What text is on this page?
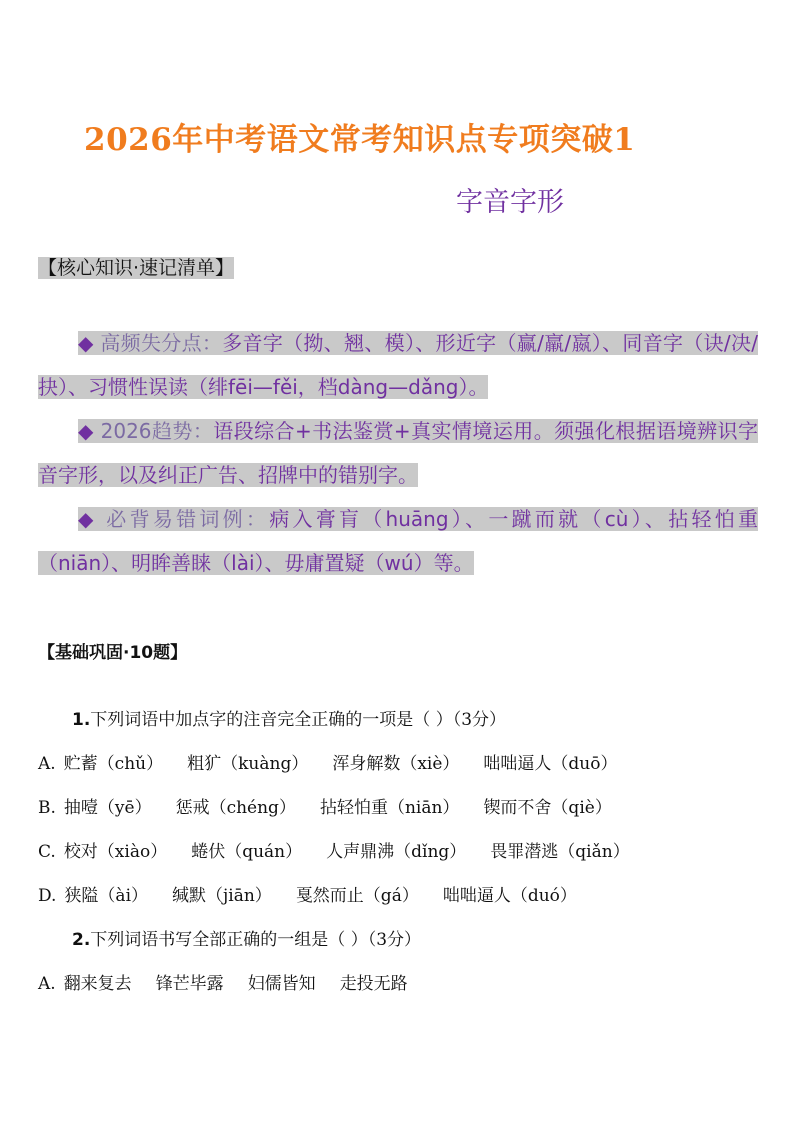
2026年中考语文常考知识点专项突破1
字音字形
【核心知识·速记清单】

◆ 高频失分点：多音字（拗、翘、模）、形近字（赢/羸/嬴）、同音字（诀/决/抉）、习惯性误读（绯fēi—fěi，档dàng—dǎng）。

◆ 2026趋势：语段综合+书法鉴赏+真实情境运用。须强化根据语境辨识字音字形，以及纠正广告、招牌中的错别字。

◆ 必背易错词例：病入膏肓（huāng）、一蹴而就（cù）、拈轻怕重（niān）、明眸善睐（lài）、毋庸置疑（wú）等。

【基础巩固·10题】

1.下列词语中加点字的注音完全正确的一项是（ ）（3分）

A. 贮蓄（chǔ） 粗犷（kuàng） 浑身解数（xiè） 咄咄逼人（duō）
B. 抽噎（yē） 惩戒（chéng） 拈轻怕重（niān） 锲而不舍（qiè）
C. 校对（xiào） 蜷伏（quán） 人声鼎沸（dǐng） 畏罪潜逃（qiǎn）
D. 狭隘（ài） 缄默（jiān） 戛然而止（gá） 咄咄逼人（duó）

2.下列词语书写全部正确的一组是（ ）（3分）

A. 翻来复去 锋芒毕露 妇儒皆知 走投无路
